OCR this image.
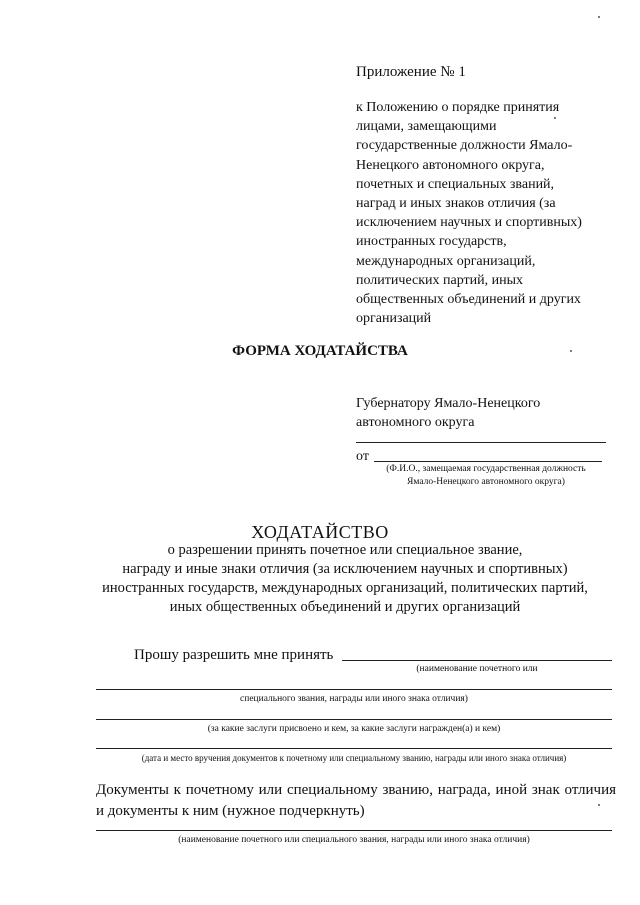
Приложение № 1

к Положению о порядке принятия
лицами, замещающими
государственные должности Ямало-
Ненецкого автономного округа,
почетных и специальных званий,
наград и иных знаков отличия (за
исключением научных и спортивных)
иностранных государств,
международных организаций,
политических партий, иных
общественных объединений и других
организаций

ФОРМА ХОДАТАЙСТВА
Губернатору Ямало-Ненецкого
автономного округа
от
(Ф.И.О., замещаемая государственная должность
Ямало-Ненецкого автономного округа)
ХОДАТАЙСТВО

о разрешении принять почетное или специальное звание,
награду и иные знаки отличия (за исключением научных и спортивных)
иностранных государств, международных организаций, политических партий,
иных общественных объединений и других организаций

Прошу разрешить мне принять
(наименование почетного или
специального звания, награды или иного знака отличия)
(за какие заслуги присвоено и кем, за какие заслуги награжден(а) и кем)
(дата и место вручения документов к почетному или специальному званию, награды или иного знака отличия)

Документы к почетному или специальному званию, награда, иной знак отличия и документы к ним (нужное подчеркнуть)

(наименование почетного или специального звания, награды или иного знака отличия)
